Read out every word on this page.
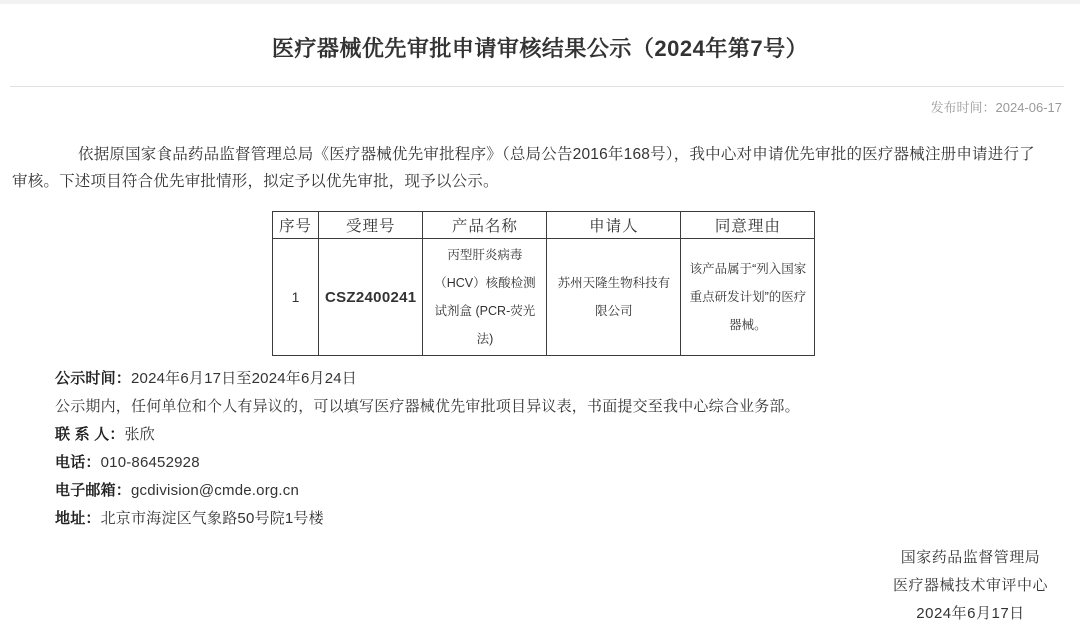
医疗器械优先审批申请审核结果公示（2024年第7号）
发布时间：2024-06-17

依据原国家食品药品监督管理总局《医疗器械优先审批程序》（总局公告2016年168号），我中心对申请优先审批的医疗器械注册申请进行了审核。下述项目符合优先审批情形，拟定予以优先审批，现予以公示。

序号	受理号	产品名称	申请人	同意理由
1	CSZ2400241	丙型肝炎病毒（HCV）核酸检测试剂盒 (PCR-荧光法)	苏州天隆生物科技有限公司	该产品属于“列入国家重点研发计划”的医疗器械。
公示时间：2024年6月17日至2024年6月24日
公示期内，任何单位和个人有异议的，可以填写医疗器械优先审批项目异议表，书面提交至我中心综合业务部。
联 系 人：张欣
电话：010-86452928
电子邮箱：gcdivision@cmde.org.cn
地址：北京市海淀区气象路50号院1号楼
国家药品监督管理局
医疗器械技术审评中心
2024年6月17日
